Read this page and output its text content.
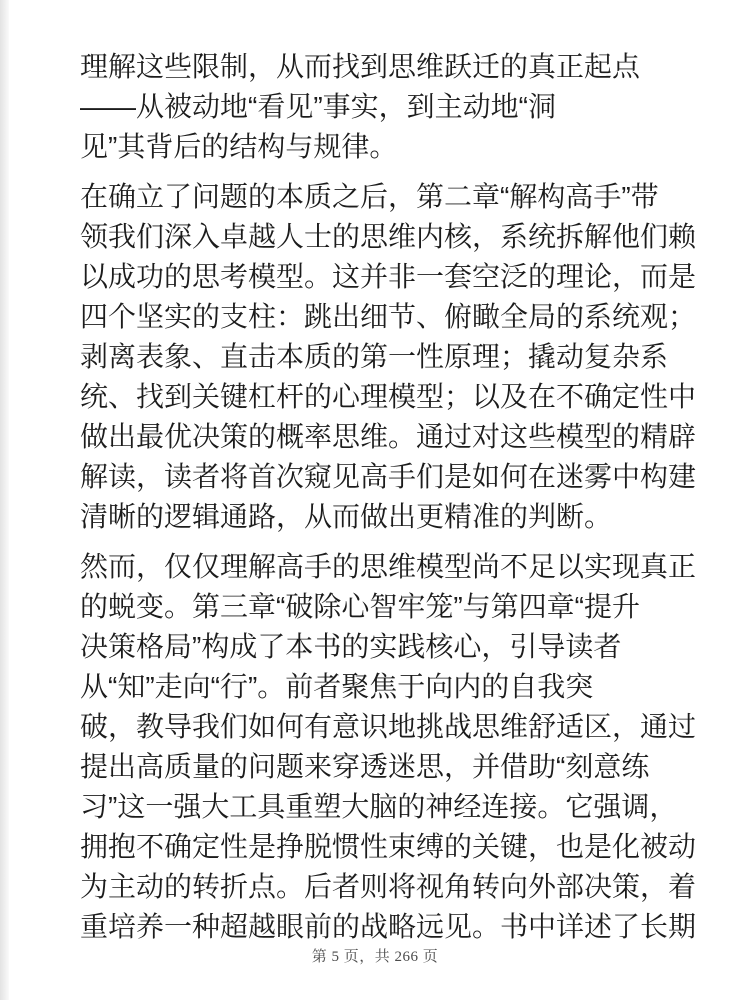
理解这些限制，从而找到思维跃迁的真正起点
——从被动地“看见”事实，到主动地“洞
见”其背后的结构与规律。
在确立了问题的本质之后，第二章“解构高手”带
领我们深入卓越人士的思维内核，系统拆解他们赖
以成功的思考模型。这并非一套空泛的理论，而是
四个坚实的支柱：跳出细节、俯瞰全局的系统观；
剥离表象、直击本质的第一性原理；撬动复杂系
统、找到关键杠杆的心理模型；以及在不确定性中
做出最优决策的概率思维。通过对这些模型的精辟
解读，读者将首次窥见高手们是如何在迷雾中构建
清晰的逻辑通路，从而做出更精准的判断。
然而，仅仅理解高手的思维模型尚不足以实现真正
的蜕变。第三章“破除心智牢笼”与第四章“提升
决策格局”构成了本书的实践核心，引导读者
从“知”走向“行”。前者聚焦于向内的自我突
破，教导我们如何有意识地挑战思维舒适区，通过
提出高质量的问题来穿透迷思，并借助“刻意练
习”这一强大工具重塑大脑的神经连接。它强调，
拥抱不确定性是挣脱惯性束缚的关键，也是化被动
为主动的转折点。后者则将视角转向外部决策，着
重培养一种超越眼前的战略远见。书中详述了长期
第 5 页，共 266 页
